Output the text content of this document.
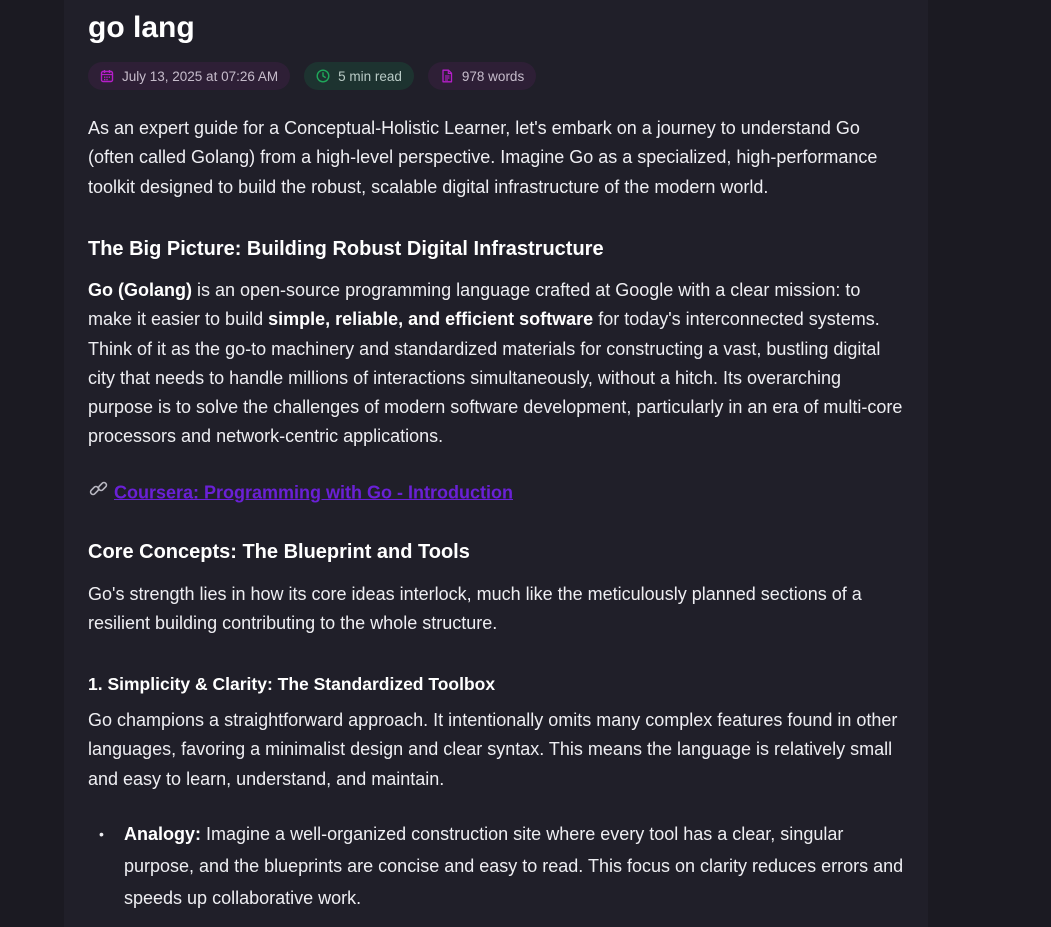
go lang
July 13, 2025 at 07:26 AM	5 min read	978 words

As an expert guide for a Conceptual-Holistic Learner, let's embark on a journey to understand Go (often called Golang) from a high-level perspective. Imagine Go as a specialized, high-performance toolkit designed to build the robust, scalable digital infrastructure of the modern world.

The Big Picture: Building Robust Digital Infrastructure

Go (Golang) is an open-source programming language crafted at Google with a clear mission: to make it easier to build simple, reliable, and efficient software for today's interconnected systems. Think of it as the go-to machinery and standardized materials for constructing a vast, bustling digital city that needs to handle millions of interactions simultaneously, without a hitch. Its overarching purpose is to solve the challenges of modern software development, particularly in an era of multi-core processors and network-centric applications.

Coursera: Programming with Go - Introduction
Core Concepts: The Blueprint and Tools

Go's strength lies in how its core ideas interlock, much like the meticulously planned sections of a resilient building contributing to the whole structure.

1. Simplicity & Clarity: The Standardized Toolbox

Go champions a straightforward approach. It intentionally omits many complex features found in other languages, favoring a minimalist design and clear syntax. This means the language is relatively small and easy to learn, understand, and maintain.

• Analogy: Imagine a well-organized construction site where every tool has a clear, singular purpose, and the blueprints are concise and easy to read. This focus on clarity reduces errors and speeds up collaborative work.
